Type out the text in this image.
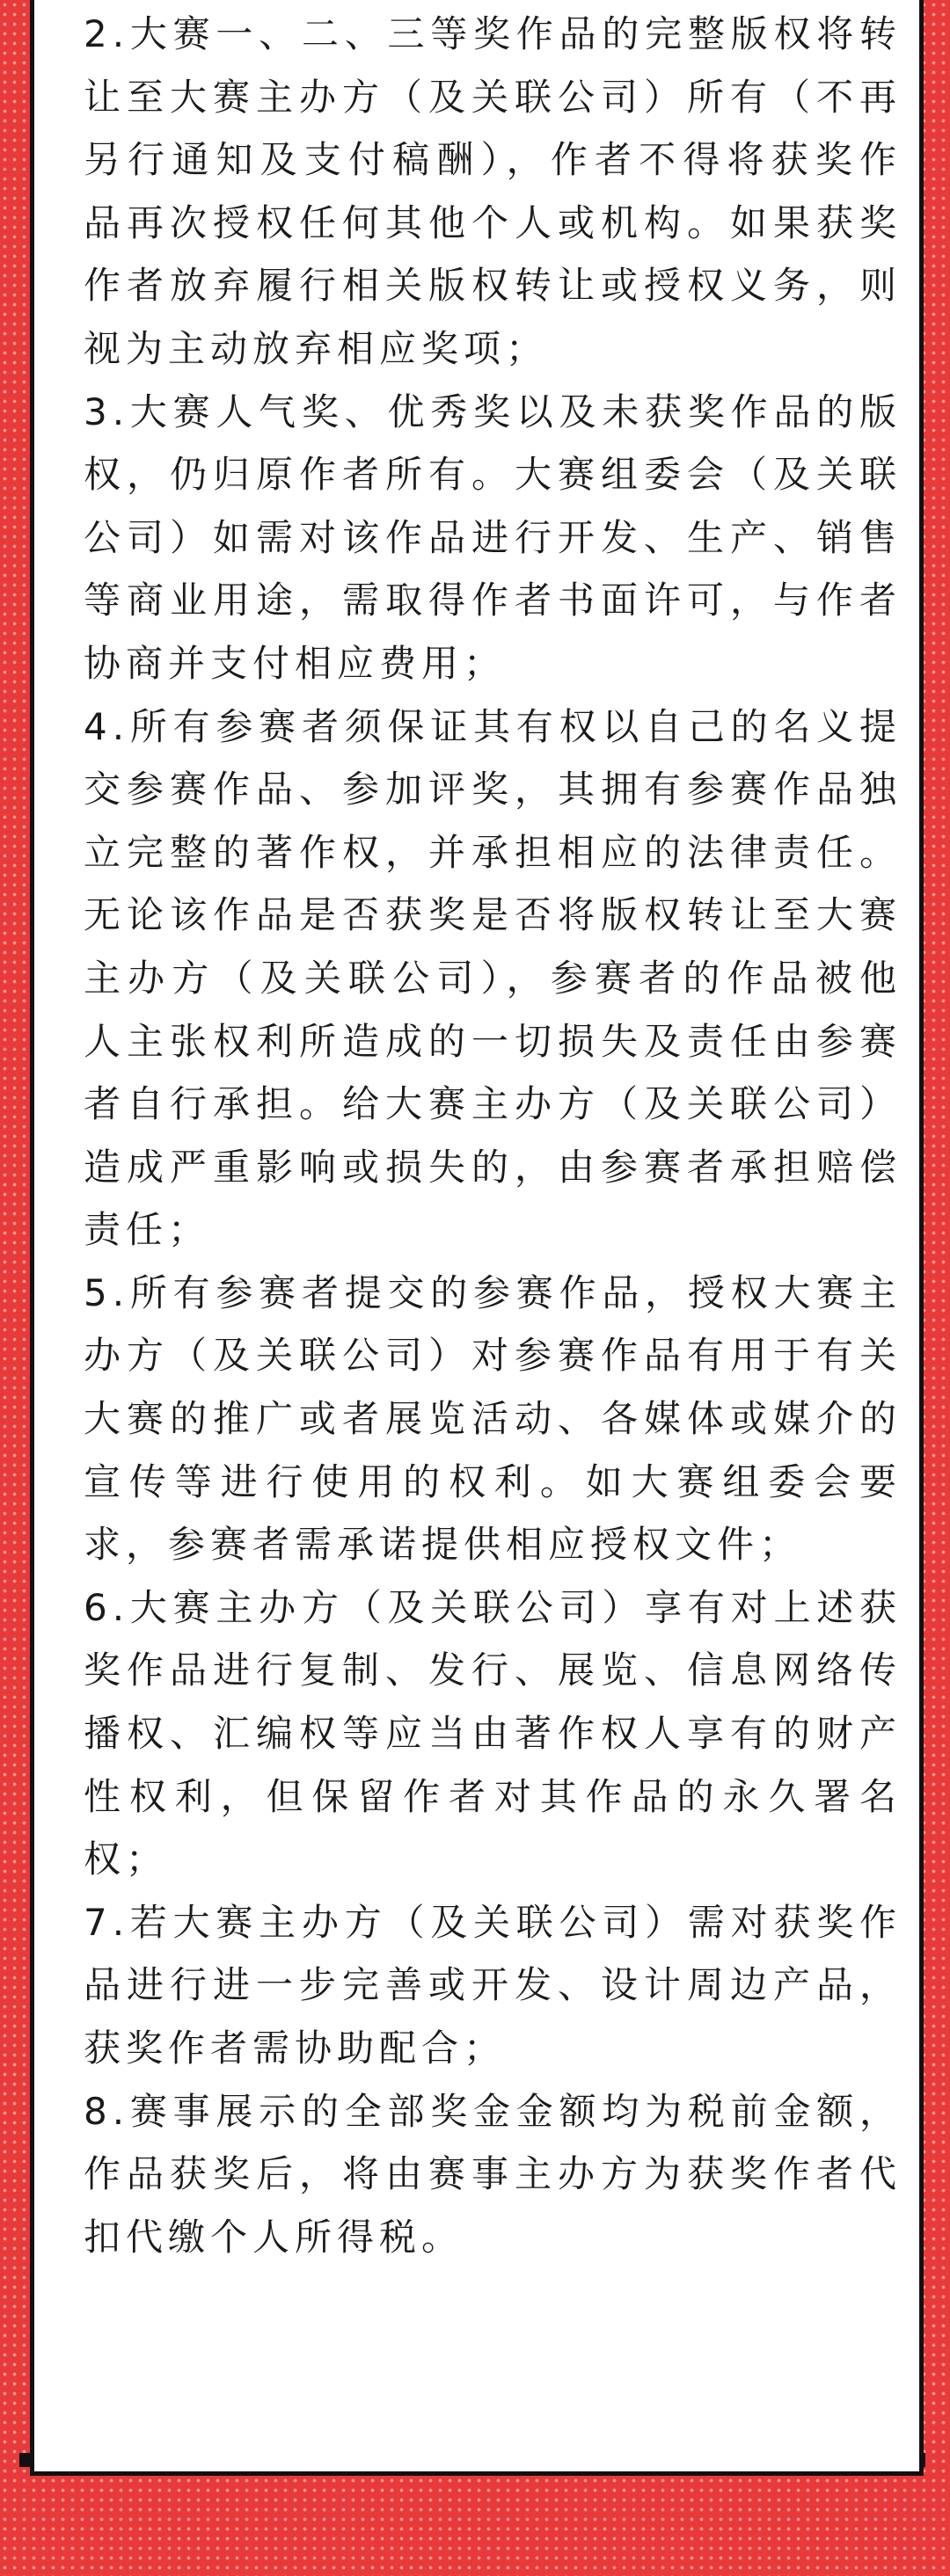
2.大赛一、二、三等奖作品的完整版权将转让至大赛主办方（及关联公司）所有（不再另行通知及支付稿酬），作者不得将获奖作品再次授权任何其他个人或机构。如果获奖作者放弃履行相关版权转让或授权义务，则视为主动放弃相应奖项；

3.大赛人气奖、优秀奖以及未获奖作品的版权，仍归原作者所有。大赛组委会（及关联公司）如需对该作品进行开发、生产、销售等商业用途，需取得作者书面许可，与作者协商并支付相应费用；

4.所有参赛者须保证其有权以自己的名义提交参赛作品、参加评奖，其拥有参赛作品独立完整的著作权，并承担相应的法律责任。无论该作品是否获奖是否将版权转让至大赛主办方（及关联公司），参赛者的作品被他人主张权利所造成的一切损失及责任由参赛者自行承担。给大赛主办方（及关联公司）造成严重影响或损失的，由参赛者承担赔偿责任；

5.所有参赛者提交的参赛作品，授权大赛主办方（及关联公司）对参赛作品有用于有关大赛的推广或者展览活动、各媒体或媒介的宣传等进行使用的权利。如大赛组委会要求，参赛者需承诺提供相应授权文件；

6.大赛主办方（及关联公司）享有对上述获奖作品进行复制、发行、展览、信息网络传播权、汇编权等应当由著作权人享有的财产性权利，但保留作者对其作品的永久署名权；

7.若大赛主办方（及关联公司）需对获奖作品进行进一步完善或开发、设计周边产品，获奖作者需协助配合；

8.赛事展示的全部奖金金额均为税前金额，作品获奖后，将由赛事主办方为获奖作者代扣代缴个人所得税。
